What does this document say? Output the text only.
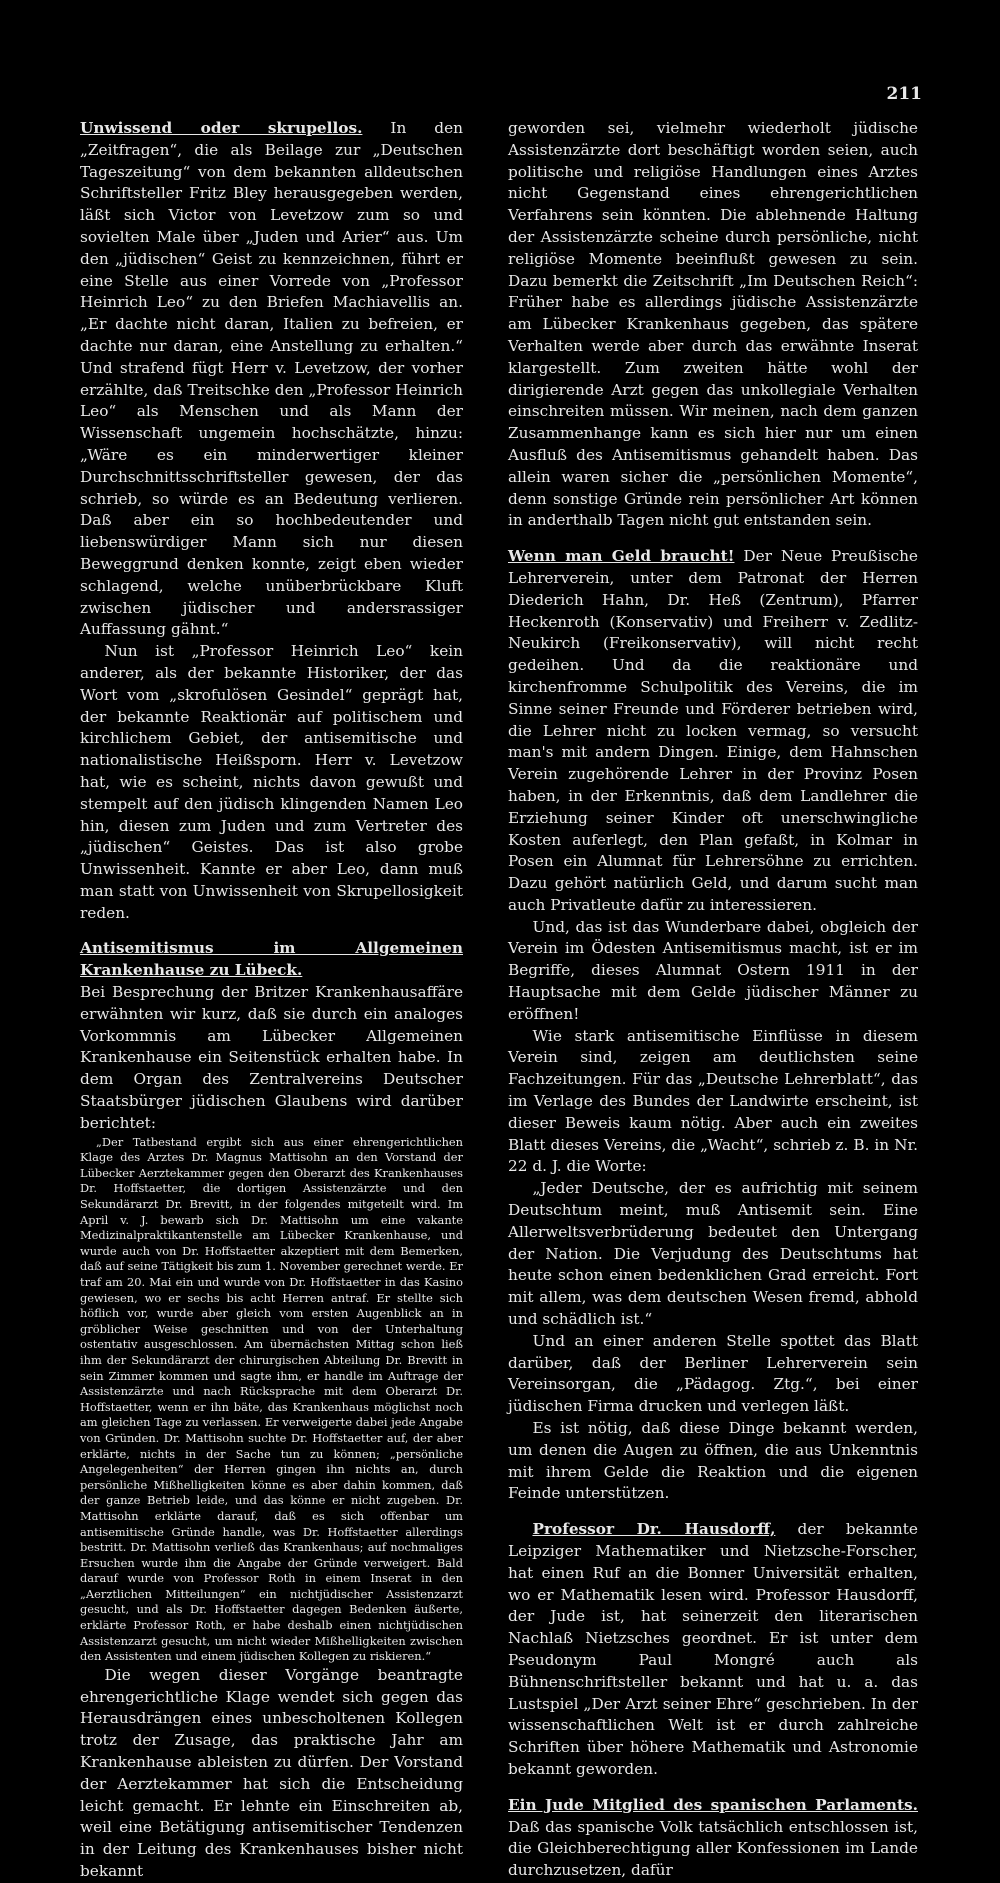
211

Unwissend oder skrupellos. In den „Zeitfragen“, die als Beilage zur „Deutschen Tageszeitung“ von dem bekannten alldeutschen Schriftsteller Fritz Bley herausgegeben werden, läßt sich Victor von Levetzow zum so und sovielten Male über „Juden und Arier“ aus. Um den „jüdischen“ Geist zu kennzeichnen, führt er eine Stelle aus einer Vorrede von „Professor Heinrich Leo“ zu den Briefen Machiavellis an. „Er dachte nicht daran, Italien zu befreien, er dachte nur daran, eine Anstellung zu erhalten.“ Und strafend fügt Herr v. Levetzow, der vorher erzählte, daß Treitschke den „Professor Heinrich Leo“ als Menschen und als Mann der Wissenschaft ungemein hochschätzte, hinzu: „Wäre es ein minderwertiger kleiner Durchschnittsschriftsteller gewesen, der das schrieb, so würde es an Bedeutung verlieren. Daß aber ein so hochbedeutender und liebenswürdiger Mann sich nur diesen Beweggrund denken konnte, zeigt eben wieder schlagend, welche unüberbrückbare Kluft zwischen jüdischer und andersrassiger Auffassung gähnt.“

Nun ist „Professor Heinrich Leo“ kein anderer, als der bekannte Historiker, der das Wort vom „skrofulösen Gesindel“ geprägt hat, der bekannte Reaktionär auf politischem und kirchlichem Gebiet, der antisemitische und nationalistische Heißsporn. Herr v. Levetzow hat, wie es scheint, nichts davon gewußt und stempelt auf den jüdisch klingenden Namen Leo hin, diesen zum Juden und zum Vertreter des „jüdischen“ Geistes. Das ist also grobe Unwissenheit. Kannte er aber Leo, dann muß man statt von Unwissenheit von Skrupellosigkeit reden.

Antisemitismus im Allgemeinen Krankenhause zu Lübeck.

Bei Besprechung der Britzer Krankenhausaffäre erwähnten wir kurz, daß sie durch ein analoges Vorkommnis am Lübecker Allgemeinen Krankenhause ein Seitenstück erhalten habe. In dem Organ des Zentralvereins Deutscher Staatsbürger jüdischen Glaubens wird darüber berichtet:

„Der Tatbestand ergibt sich aus einer ehrengerichtlichen Klage des Arztes Dr. Magnus Mattisohn an den Vorstand der Lübecker Aerztekammer gegen den Oberarzt des Krankenhauses Dr. Hoffstaetter, die dortigen Assistenzärzte und den Sekundärarzt Dr. Brevitt, in der folgendes mitgeteilt wird. Im April v. J. bewarb sich Dr. Mattisohn um eine vakante Medizinalpraktikantenstelle am Lübecker Krankenhause, und wurde auch von Dr. Hoffstaetter akzeptiert mit dem Bemerken, daß auf seine Tätigkeit bis zum 1. November gerechnet werde. Er traf am 20. Mai ein und wurde von Dr. Hoffstaetter in das Kasino gewiesen, wo er sechs bis acht Herren antraf. Er stellte sich höflich vor, wurde aber gleich vom ersten Augenblick an in gröblicher Weise geschnitten und von der Unterhaltung ostentativ ausgeschlossen. Am übernächsten Mittag schon ließ ihm der Sekundärarzt der chirurgischen Abteilung Dr. Brevitt in sein Zimmer kommen und sagte ihm, er handle im Auftrage der Assistenzärzte und nach Rücksprache mit dem Oberarzt Dr. Hoffstaetter, wenn er ihn bäte, das Krankenhaus möglichst noch am gleichen Tage zu verlassen. Er verweigerte dabei jede Angabe von Gründen. Dr. Mattisohn suchte Dr. Hoffstaetter auf, der aber erklärte, nichts in der Sache tun zu können; „persönliche Angelegenheiten“ der Herren gingen ihn nichts an, durch persönliche Mißhelligkeiten könne es aber dahin kommen, daß der ganze Betrieb leide, und das könne er nicht zugeben. Dr. Mattisohn erklärte darauf, daß es sich offenbar um antisemitische Gründe handle, was Dr. Hoffstaetter allerdings bestritt. Dr. Mattisohn verließ das Krankenhaus; auf nochmaliges Ersuchen wurde ihm die Angabe der Gründe verweigert. Bald darauf wurde von Professor Roth in einem Inserat in den „Aerztlichen Mitteilungen“ ein nichtjüdischer Assistenzarzt gesucht, und als Dr. Hoffstaetter dagegen Bedenken äußerte, erklärte Professor Roth, er habe deshalb einen nichtjüdischen Assistenzarzt gesucht, um nicht wieder Mißhelligkeiten zwischen den Assistenten und einem jüdischen Kollegen zu riskieren.“

Die wegen dieser Vorgänge beantragte ehrengerichtliche Klage wendet sich gegen das Herausdrängen eines unbescholtenen Kollegen trotz der Zusage, das praktische Jahr am Krankenhause ableisten zu dürfen. Der Vorstand der Aerztekammer hat sich die Entscheidung leicht gemacht. Er lehnte ein Einschreiten ab, weil eine Betätigung antisemitischer Tendenzen in der Leitung des Krankenhauses bisher nicht bekannt

geworden sei, vielmehr wiederholt jüdische Assistenzärzte dort beschäftigt worden seien, auch politische und religiöse Handlungen eines Arztes nicht Gegenstand eines ehrengerichtlichen Verfahrens sein könnten. Die ablehnende Haltung der Assistenzärzte scheine durch persönliche, nicht religiöse Momente beeinflußt gewesen zu sein. Dazu bemerkt die Zeitschrift „Im Deutschen Reich“: Früher habe es allerdings jüdische Assistenzärzte am Lübecker Krankenhaus gegeben, das spätere Verhalten werde aber durch das erwähnte Inserat klargestellt. Zum zweiten hätte wohl der dirigierende Arzt gegen das unkollegiale Verhalten einschreiten müssen. Wir meinen, nach dem ganzen Zusammenhange kann es sich hier nur um einen Ausfluß des Antisemitismus gehandelt haben. Das allein waren sicher die „persönlichen Momente“, denn sonstige Gründe rein persönlicher Art können in anderthalb Tagen nicht gut entstanden sein.

Wenn man Geld braucht! Der Neue Preußische Lehrerverein, unter dem Patronat der Herren Diederich Hahn, Dr. Heß (Zentrum), Pfarrer Heckenroth (Konservativ) und Freiherr v. Zedlitz-Neukirch (Freikonservativ), will nicht recht gedeihen. Und da die reaktionäre und kirchenfromme Schulpolitik des Vereins, die im Sinne seiner Freunde und Förderer betrieben wird, die Lehrer nicht zu locken vermag, so versucht man's mit andern Dingen. Einige, dem Hahnschen Verein zugehörende Lehrer in der Provinz Posen haben, in der Erkenntnis, daß dem Landlehrer die Erziehung seiner Kinder oft unerschwingliche Kosten auferlegt, den Plan gefaßt, in Kolmar in Posen ein Alumnat für Lehrersöhne zu errichten. Dazu gehört natürlich Geld, und darum sucht man auch Privatleute dafür zu interessieren.

Und, das ist das Wunderbare dabei, obgleich der Verein im Ödesten Antisemitismus macht, ist er im Begriffe, dieses Alumnat Ostern 1911 in der Hauptsache mit dem Gelde jüdischer Männer zu eröffnen!

Wie stark antisemitische Einflüsse in diesem Verein sind, zeigen am deutlichsten seine Fachzeitungen. Für das „Deutsche Lehrerblatt“, das im Verlage des Bundes der Landwirte erscheint, ist dieser Beweis kaum nötig. Aber auch ein zweites Blatt dieses Vereins, die „Wacht“, schrieb z. B. in Nr. 22 d. J. die Worte:

„Jeder Deutsche, der es aufrichtig mit seinem Deutschtum meint, muß Antisemit sein. Eine Allerweltsverbrüderung bedeutet den Untergang der Nation. Die Verjudung des Deutschtums hat heute schon einen bedenklichen Grad erreicht. Fort mit allem, was dem deutschen Wesen fremd, abhold und schädlich ist.“

Und an einer anderen Stelle spottet das Blatt darüber, daß der Berliner Lehrerverein sein Vereinsorgan, die „Pädagog. Ztg.“, bei einer jüdischen Firma drucken und verlegen läßt.

Es ist nötig, daß diese Dinge bekannt werden, um denen die Augen zu öffnen, die aus Unkenntnis mit ihrem Gelde die Reaktion und die eigenen Feinde unterstützen.

Professor Dr. Hausdorff, der bekannte Leipziger Mathematiker und Nietzsche-Forscher, hat einen Ruf an die Bonner Universität erhalten, wo er Mathematik lesen wird. Professor Hausdorff, der Jude ist, hat seinerzeit den literarischen Nachlaß Nietzsches geordnet. Er ist unter dem Pseudonym Paul Mongré auch als Bühnenschriftsteller bekannt und hat u. a. das Lustspiel „Der Arzt seiner Ehre“ geschrieben. In der wissenschaftlichen Welt ist er durch zahlreiche Schriften über höhere Mathematik und Astronomie bekannt geworden.

Ein Jude Mitglied des spanischen Parlaments. Daß das spanische Volk tatsächlich entschlossen ist, die Gleichberechtigung aller Konfessionen im Lande durchzusetzen, dafür
